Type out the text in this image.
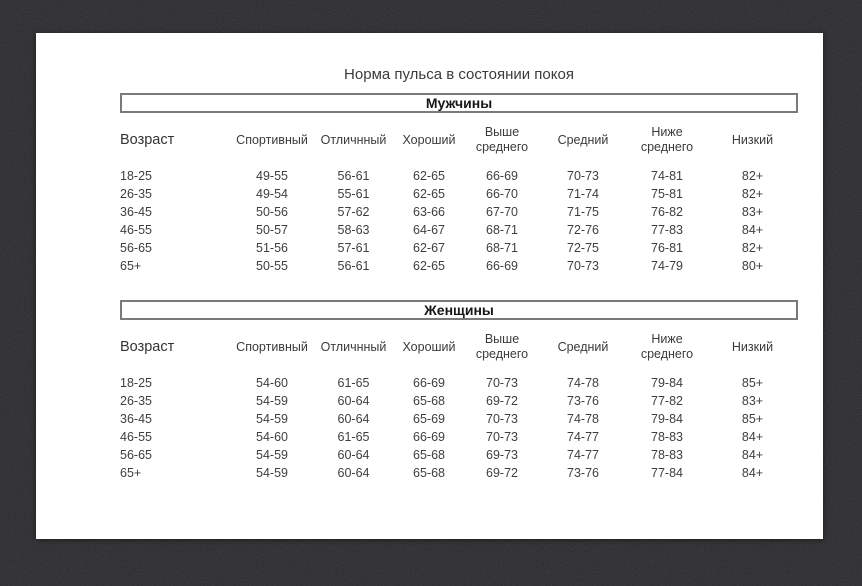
Норма пульса в состоянии покоя
Мужчины
Возраст	Спортивный	Отличнный	Хороший	Выше среднего	Средний	Ниже среднего	Низкий
18-25	49-55	56-61	62-65	66-69	70-73	74-81	82+
26-35	49-54	55-61	62-65	66-70	71-74	75-81	82+
36-45	50-56	57-62	63-66	67-70	71-75	76-82	83+
46-55	50-57	58-63	64-67	68-71	72-76	77-83	84+
56-65	51-56	57-61	62-67	68-71	72-75	76-81	82+
65+	50-55	56-61	62-65	66-69	70-73	74-79	80+
Женщины
Возраст	Спортивный	Отличнный	Хороший	Выше среднего	Средний	Ниже среднего	Низкий
18-25	54-60	61-65	66-69	70-73	74-78	79-84	85+
26-35	54-59	60-64	65-68	69-72	73-76	77-82	83+
36-45	54-59	60-64	65-69	70-73	74-78	79-84	85+
46-55	54-60	61-65	66-69	70-73	74-77	78-83	84+
56-65	54-59	60-64	65-68	69-73	74-77	78-83	84+
65+	54-59	60-64	65-68	69-72	73-76	77-84	84+
